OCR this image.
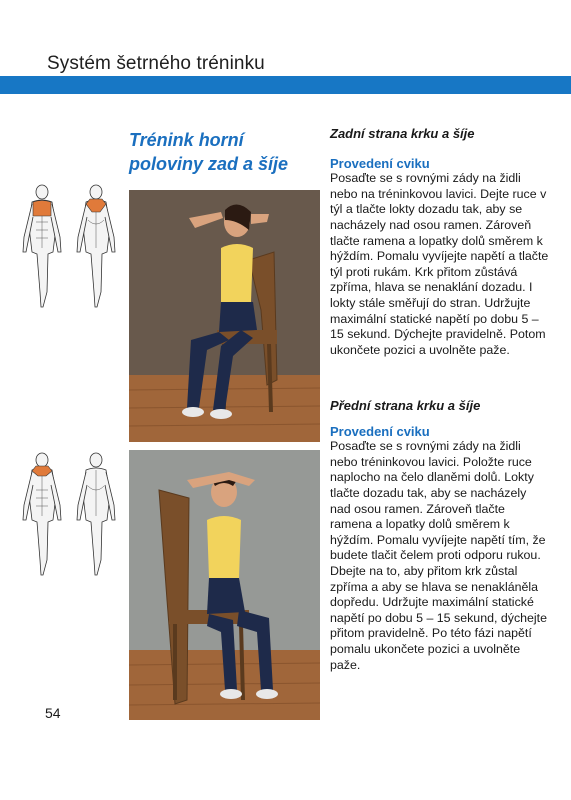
Systém šetrného tréninku
Trénink horní poloviny zad a šíje
Zadní strana krku a šíje
Provedení cviku
Posaďte se s rovnými zády na židli nebo na tréninkovou lavici. Dejte ruce v týl a tlačte lokty dozadu tak, aby se nacházely nad osou ramen. Zároveň tlačte ramena a lopatky dolů směrem k hýždím. Pomalu vyvíjejte napětí a tlačte týl proti rukám. Krk přitom zůstává zpříma, hlava se nenaklání dozadu. I lokty stále směřují do stran. Udržujte maximální statické napětí po dobu 5 – 15 sekund. Dýchejte pravidelně. Potom ukončete pozici a uvolněte paže.
Přední strana krku a šíje
Provedení cviku
Posaďte se s rovnými zády na židli nebo tréninkovou lavici. Položte ruce naplocho na čelo dlaněmi dolů. Lokty tlačte dozadu tak, aby se nacházely nad osou ramen. Zároveň tlačte ramena a lopatky dolů směrem k hýždím. Pomalu vyvíjejte napětí tím, že budete tlačit čelem proti odporu rukou. Dbejte na to, aby přitom krk zůstal zpříma a aby se hlava se nenakláněla dopředu. Udržujte maximální statické napětí po dobu 5 – 15 sekund, dýchejte přitom pravidelně. Po této fázi napětí pomalu ukončete pozici a uvolněte paže.
54
